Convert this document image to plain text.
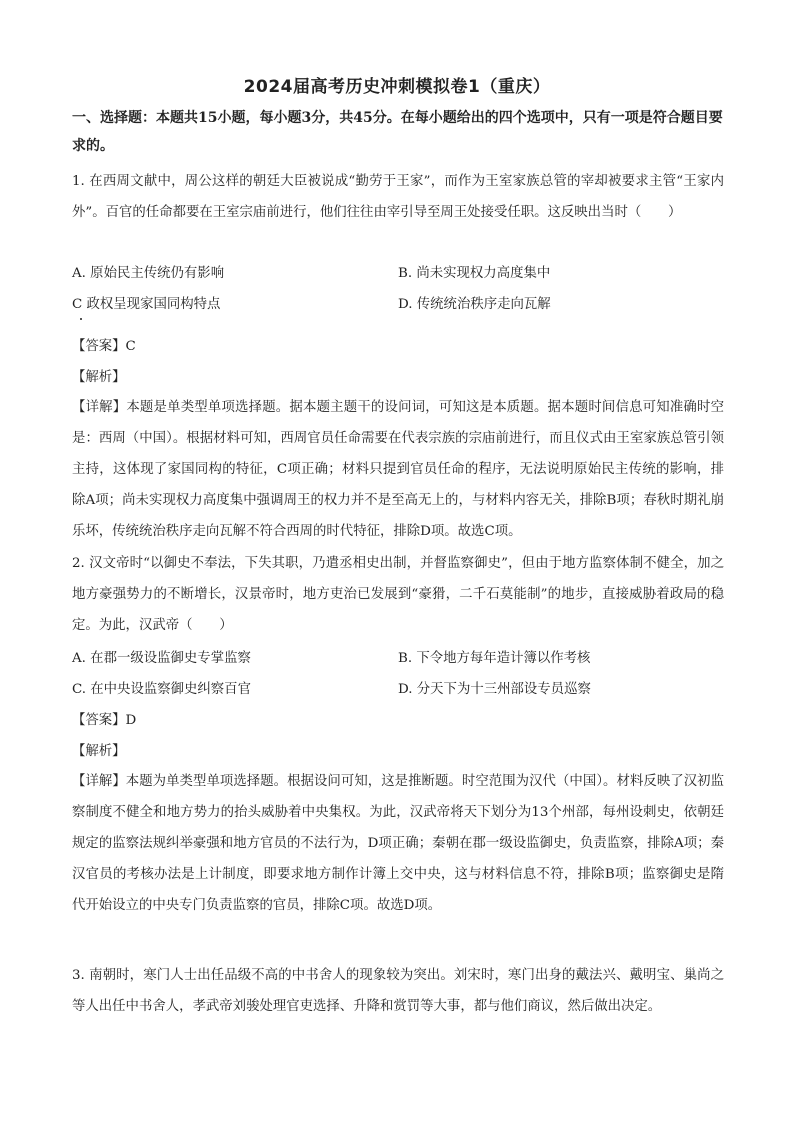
2024届高考历史冲刺模拟卷1（重庆）
一、选择题：本题共15小题，每小题3分，共45分。在每小题给出的四个选项中，只有一项是符合题目要求的。
1. 在西周文献中，周公这样的朝廷大臣被说成“勤劳于王家”，而作为王室家族总管的宰却被要求主管“王家内外”。百官的任命都要在王室宗庙前进行，他们往往由宰引导至周王处接受任职。这反映出当时（　　）
A. 原始民主传统仍有影响	B. 尚未实现权力高度集中
C 政权呈现家国同构特点	D. 传统统治秩序走向瓦解
【答案】C
【解析】
【详解】本题是单类型单项选择题。据本题主题干的设问词，可知这是本质题。据本题时间信息可知准确时空是：西周（中国）。根据材料可知，西周官员任命需要在代表宗族的宗庙前进行，而且仪式由王室家族总管引领主持，这体现了家国同构的特征，C项正确；材料只提到官员任命的程序，无法说明原始民主传统的影响，排除A项；尚未实现权力高度集中强调周王的权力并不是至高无上的，与材料内容无关，排除B项；春秋时期礼崩乐坏，传统统治秩序走向瓦解不符合西周的时代特征，排除D项。故选C项。
2. 汉文帝时“以御史不奉法，下失其职，乃遣丞相史出制，并督监察御史”，但由于地方监察体制不健全，加之地方豪强势力的不断增长，汉景帝时，地方吏治已发展到“豪猾，二千石莫能制”的地步，直接威胁着政局的稳定。为此，汉武帝（　　）
A. 在郡一级设监御史专掌监察	B. 下令地方每年造计簿以作考核
C. 在中央设监察御史纠察百官	D. 分天下为十三州部设专员巡察
【答案】D
【解析】
【详解】本题为单类型单项选择题。根据设问可知，这是推断题。时空范围为汉代（中国）。材料反映了汉初监察制度不健全和地方势力的抬头威胁着中央集权。为此，汉武帝将天下划分为13个州部，每州设刺史，依朝廷规定的监察法规纠举豪强和地方官员的不法行为，D项正确；秦朝在郡一级设监御史，负责监察，排除A项；秦汉官员的考核办法是上计制度，即要求地方制作计簿上交中央，这与材料信息不符，排除B项；监察御史是隋代开始设立的中央专门负责监察的官员，排除C项。故选D项。
3. 南朝时，寒门人士出任品级不高的中书舍人的现象较为突出。刘宋时，寒门出身的戴法兴、戴明宝、巢尚之等人出任中书舍人，孝武帝刘骏处理官吏选择、升降和赏罚等大事，都与他们商议，然后做出决定。
